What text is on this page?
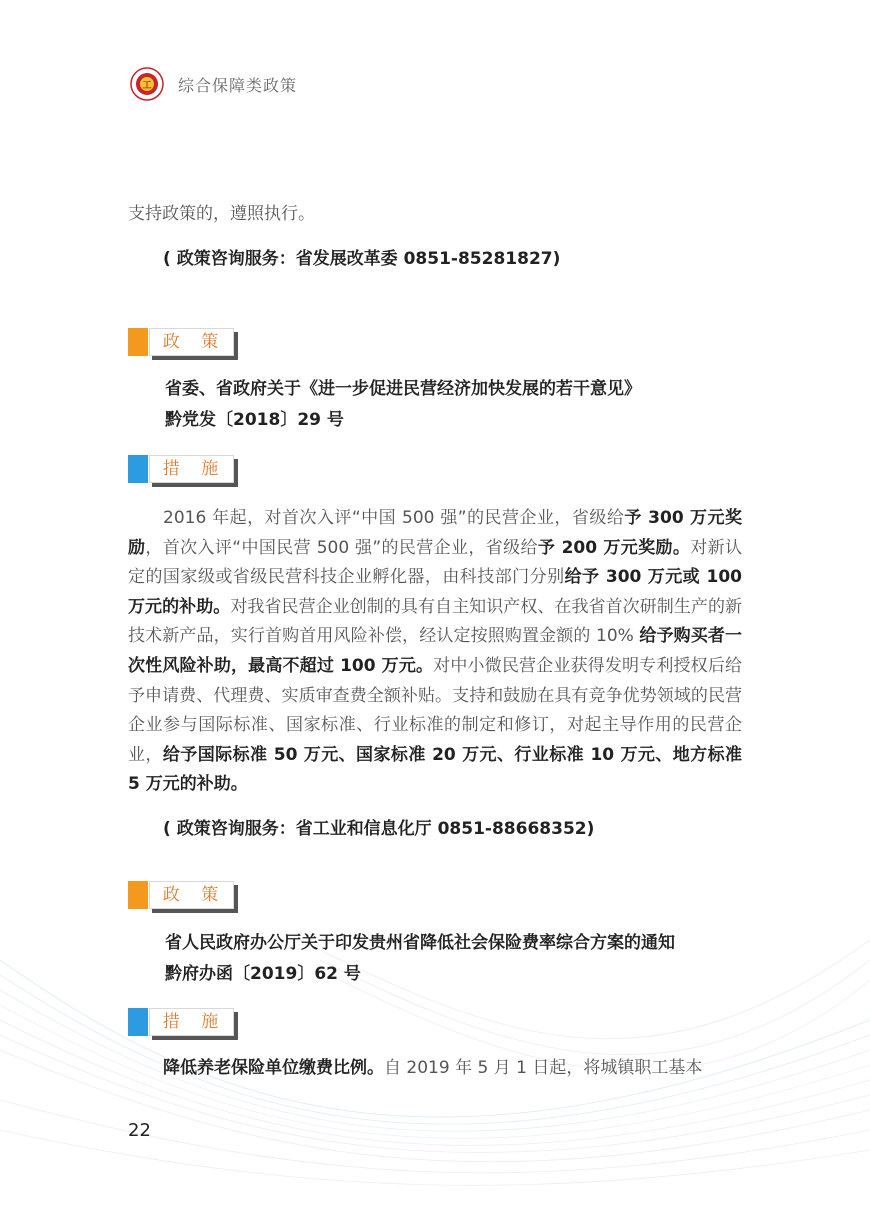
工 综合保障类政策
支持政策的，遵照执行。
( 政策咨询服务：省发展改革委 0851-85281827)
政 策
省委、省政府关于《进一步促进民营经济加快发展的若干意见》
黔党发〔2018〕29 号
措 施
2016 年起，对首次入评“中国 500 强”的民营企业，省级给予 300 万元奖励，首次入评“中国民营 500 强”的民营企业，省级给予 200 万元奖励。对新认定的国家级或省级民营科技企业孵化器，由科技部门分别给予 300 万元或 100 万元的补助。对我省民营企业创制的具有自主知识产权、在我省首次研制生产的新技术新产品，实行首购首用风险补偿，经认定按照购置金额的 10% 给予购买者一次性风险补助，最高不超过 100 万元。对中小微民营企业获得发明专利授权后给予申请费、代理费、实质审查费全额补贴。支持和鼓励在具有竞争优势领域的民营企业参与国际标准、国家标准、行业标准的制定和修订，对起主导作用的民营企业，给予国际标准 50 万元、国家标准 20 万元、行业标准 10 万元、地方标准 5 万元的补助。
( 政策咨询服务：省工业和信息化厅 0851-88668352)
政 策
省人民政府办公厅关于印发贵州省降低社会保险费率综合方案的通知
黔府办函〔2019〕62 号
措 施
降低养老保险单位缴费比例。自 2019 年 5 月 1 日起，将城镇职工基本
22
